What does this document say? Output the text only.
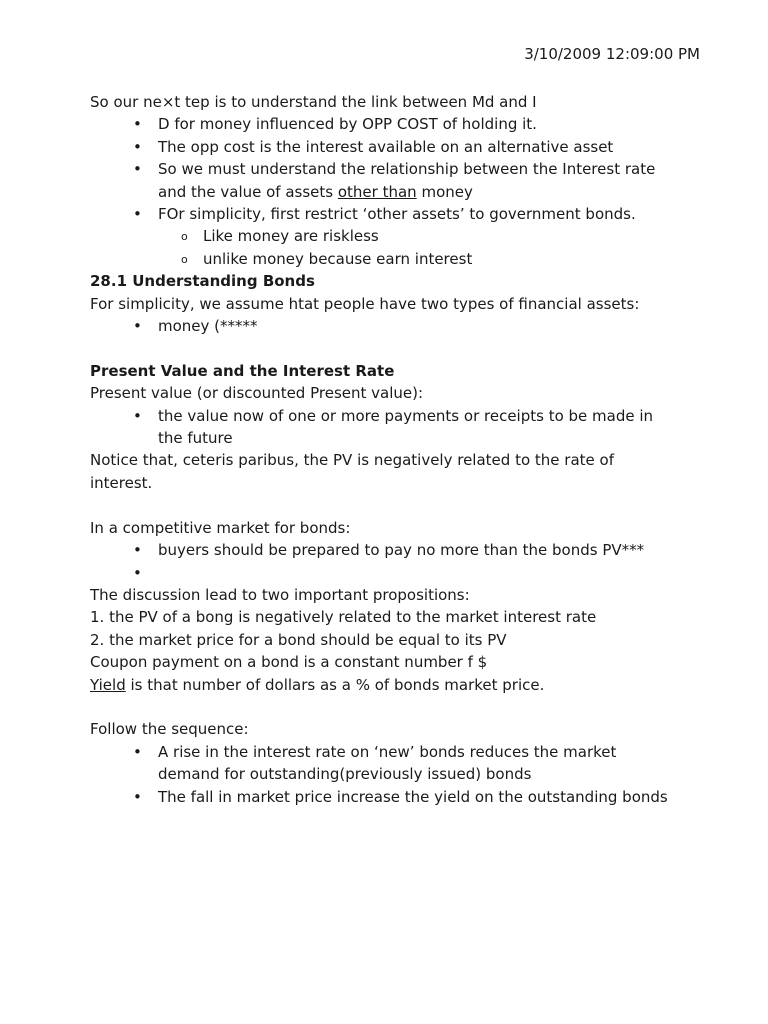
3/10/2009 12:09:00 PM
So our ne×t tep is to understand the link between Md and I
• D for money influenced by OPP COST of holding it.
• The opp cost is the interest available on an alternative asset
• So we must understand the relationship between the Interest rate
and the value of assets other than money
• FOr simplicity, first restrict ‘other assets’ to government bonds.
o Like money are riskless
o unlike money because earn interest
28.1 Understanding Bonds
For simplicity, we assume htat people have two types of financial assets:
• money (*****
Present Value and the Interest Rate
Present value (or discounted Present value):
• the value now of one or more payments or receipts to be made in
the future
Notice that, ceteris paribus, the PV is negatively related to the rate of
interest.
In a competitive market for bonds:
• buyers should be prepared to pay no more than the bonds PV***
•
The discussion lead to two important propositions:
1. the PV of a bong is negatively related to the market interest rate
2. the market price for a bond should be equal to its PV
Coupon payment on a bond is a constant number f $
Yield is that number of dollars as a % of bonds market price.
Follow the sequence:
• A rise in the interest rate on ‘new’ bonds reduces the market
demand for outstanding(previously issued) bonds
• The fall in market price increase the yield on the outstanding bonds
